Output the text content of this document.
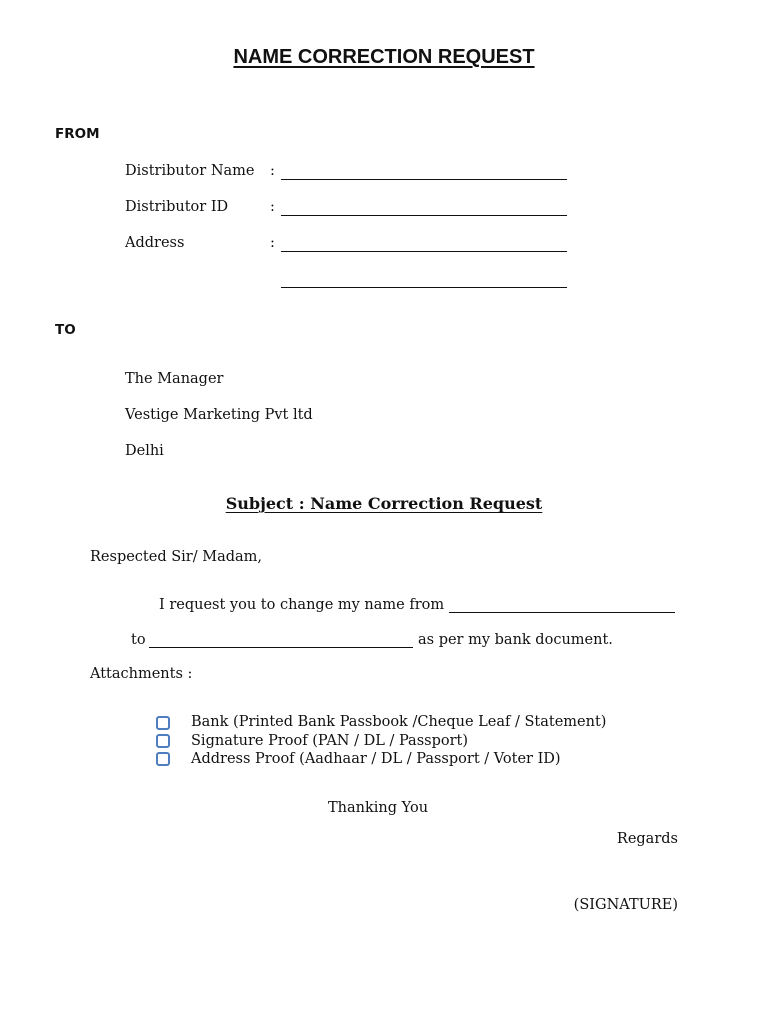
NAME CORRECTION REQUEST
FROM
Distributor Name :
Distributor ID	:
Address	:
TO
The Manager
Vestige Marketing Pvt ltd
Delhi
Subject : Name Correction Request
Respected Sir/ Madam,
I request you to change my name from
to	as per my bank document.
Attachments :
Bank (Printed Bank Passbook /Cheque Leaf / Statement)
Signature Proof (PAN / DL / Passport)
Address Proof (Aadhaar / DL / Passport / Voter ID)
Thanking You
Regards
(SIGNATURE)
